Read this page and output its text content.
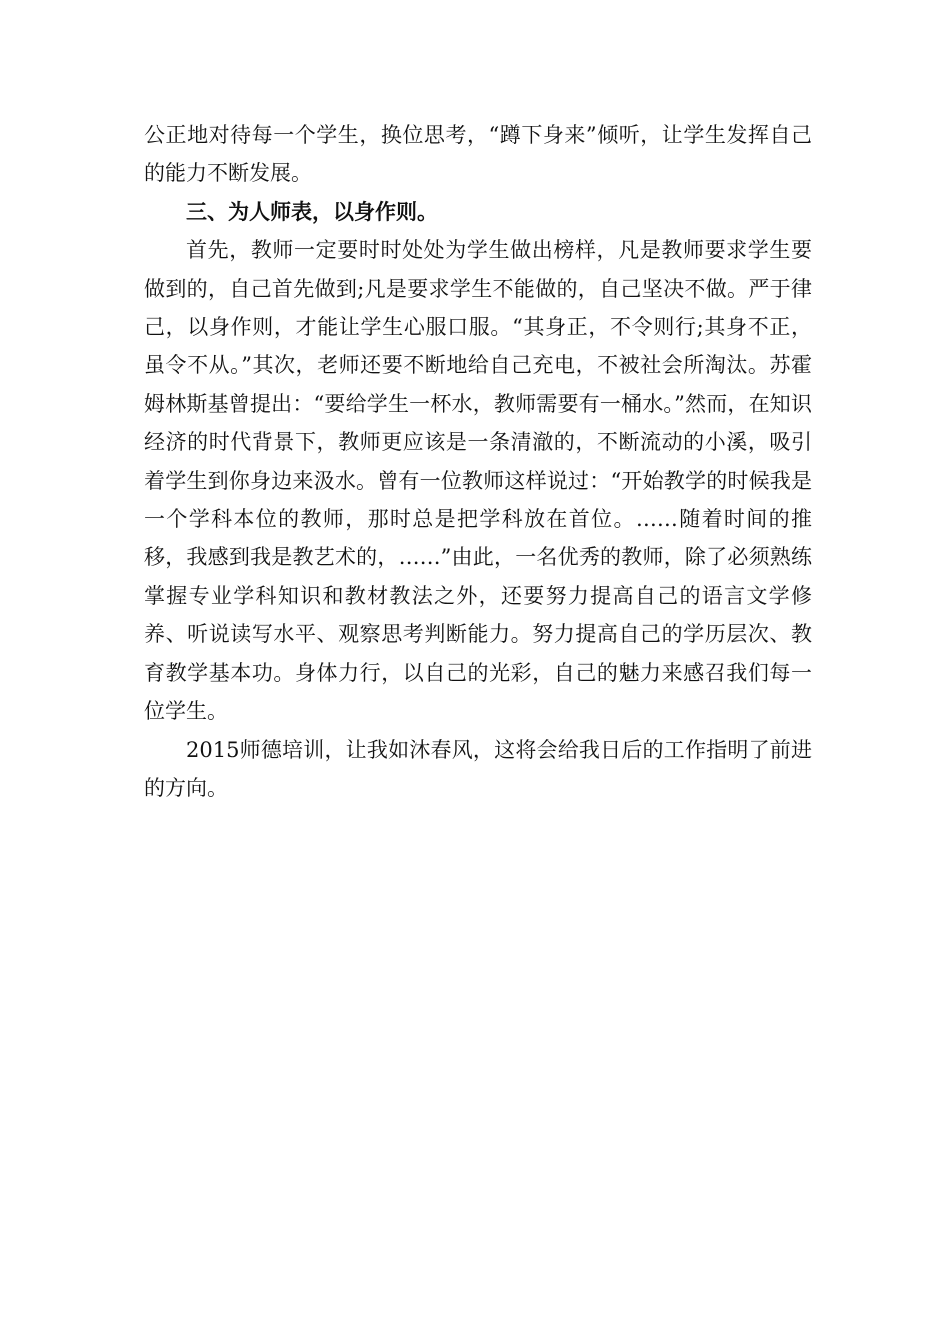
公正地对待每一个学生，换位思考，“蹲下身来”倾听，让学生发挥自己的能力不断发展。

三、为人师表，以身作则。

首先，教师一定要时时处处为学生做出榜样，凡是教师要求学生要做到的，自己首先做到;凡是要求学生不能做的，自己坚决不做。严于律己，以身作则，才能让学生心服口服。“其身正，不令则行;其身不正，虽令不从。”其次，老师还要不断地给自己充电，不被社会所淘汰。苏霍姆林斯基曾提出：“要给学生一杯水，教师需要有一桶水。”然而，在知识经济的时代背景下，教师更应该是一条清澈的，不断流动的小溪，吸引着学生到你身边来汲水。曾有一位教师这样说过：“开始教学的时候我是一个学科本位的教师，那时总是把学科放在首位。……随着时间的推移，我感到我是教艺术的，……”由此，一名优秀的教师，除了必须熟练掌握专业学科知识和教材教法之外，还要努力提高自己的语言文学修养、听说读写水平、观察思考判断能力。努力提高自己的学历层次、教育教学基本功。身体力行，以自己的光彩，自己的魅力来感召我们每一位学生。

2015师德培训，让我如沐春风，这将会给我日后的工作指明了前进的方向。
